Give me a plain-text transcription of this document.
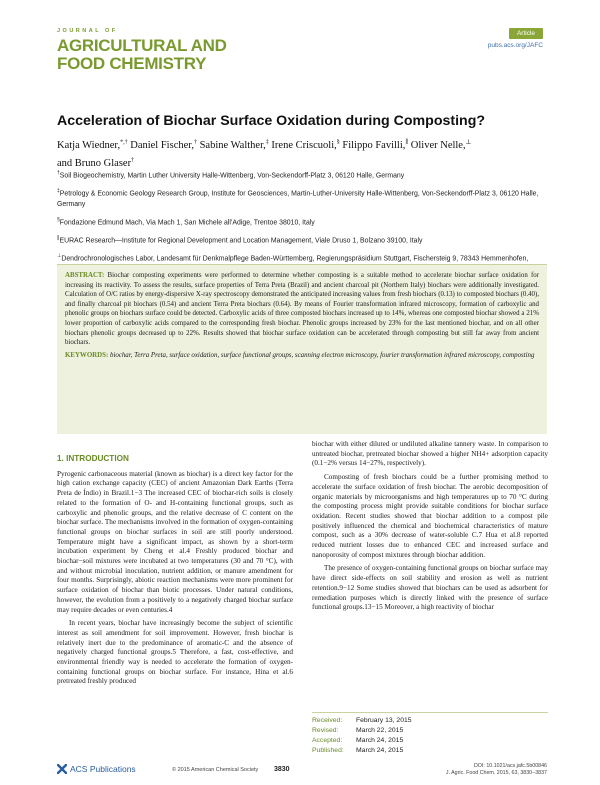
JOURNAL OF
AGRICULTURAL AND
FOOD CHEMISTRY
Article
pubs.acs.org/JAFC
Acceleration of Biochar Surface Oxidation during Composting?
Katja Wiedner,*,† Daniel Fischer,† Sabine Walther,‡ Irene Criscuoli,§ Filippo Favilli,∥ Oliver Nelle,⊥
and Bruno Glaser†
†Soil Biogeochemistry, Martin Luther University Halle-Wittenberg, Von-Seckendorff-Platz 3, 06120 Halle, Germany
‡Petrology & Economic Geology Research Group, Institute for Geosciences, Martin-Luther-University Halle-Wittenberg, Von-Seckendorff-Platz 3, 06120 Halle, Germany
§Fondazione Edmund Mach, Via Mach 1, San Michele all’Adige, Trentoe 38010, Italy
∥EURAC Research—Institute for Regional Development and Location Management, Viale Druso 1, Bolzano 39100, Italy
⊥Dendrochronologisches Labor, Landesamt für Denkmalpflege Baden-Württemberg, Regierungspräsidium Stuttgart, Fischersteig 9, 78343 Hemmenhofen,
ABSTRACT: Biochar composting experiments were performed to determine whether composting is a suitable method to accelerate biochar surface oxidation for increasing its reactivity. To assess the results, surface properties of Terra Preta (Brazil) and ancient charcoal pit (Northern Italy) biochars were additionally investigated. Calculation of O/C ratios by energy-dispersive X-ray spectroscopy demonstrated the anticipated increasing values from fresh biochars (0.13) to composted biochars (0.40), and finally charcoal pit biochars (0.54) and ancient Terra Preta biochars (0.64). By means of Fourier transformation infrared microscopy, formation of carboxylic and phenolic groups on biochars surface could be detected. Carboxylic acids of three composted biochars increased up to 14%, whereas one composted biochar showed a 21% lower proportion of carboxylic acids compared to the corresponding fresh biochar. Phenolic groups increased by 23% for the last mentioned biochar, and on all other biochars phenolic groups decreased up to 22%. Results showed that biochar surface oxidation can be accelerated through composting but still far away from ancient biochars.
KEYWORDS: biochar, Terra Preta, surface oxidation, surface functional groups, scanning electron microscopy, fourier transformation infrared microscopy, composting
1. INTRODUCTION

Pyrogenic carbonaceous material (known as biochar) is a direct key factor for the high cation exchange capacity (CEC) of ancient Amazonian Dark Earths (Terra Preta de Índio) in Brazil.1−3 The increased CEC of biochar-rich soils is closely related to the formation of O- and H-containing functional groups, such as carboxylic and phenolic groups, and the relative decrease of C content on the biochar surface. The mechanisms involved in the formation of oxygen-containing functional groups on biochar surfaces in soil are still poorly understood. Temperature might have a significant impact, as shown by a short-term incubation experiment by Cheng et al.4 Freshly produced biochar and biochar−soil mixtures were incubated at two temperatures (30 and 70 °C), with and without microbial inoculation, nutrient addition, or manure amendment for four months. Surprisingly, abiotic reaction mechanisms were more prominent for surface oxidation of biochar than biotic processes. Under natural conditions, however, the evolution from a positively to a negatively charged biochar surface may require decades or even centuries.4

In recent years, biochar have increasingly become the subject of scientific interest as soil amendment for soil improvement. However, fresh biochar is relatively inert due to the predominance of aromatic-C and the absence of negatively charged functional groups.5 Therefore, a fast, cost-effective, and environmental friendly way is needed to accelerate the formation of oxygen-containing functional groups on biochar surface. For instance, Hina et al.6 pretreated freshly produced

biochar with either diluted or undiluted alkaline tannery waste. In comparison to untreated biochar, pretreated biochar showed a higher NH4+ adsorption capacity (0.1−2% versus 14−27%, respectively).

Composting of fresh biochars could be a further promising method to accelerate the surface oxidation of fresh biochar. The aerobic decomposition of organic materials by microorganisms and high temperatures up to 70 °C during the composting process might provide suitable conditions for biochar surface oxidation. Recent studies showed that biochar addition to a compost pile positively influenced the chemical and biochemical characteristics of mature compost, such as a 30% decrease of water-soluble C.7 Hua et al.8 reported reduced nutrient losses due to enhanced CEC and increased surface and nanoporosity of compost mixtures through biochar addition.

The presence of oxygen-containing functional groups on biochar surface may have direct side-effects on soil stability and erosion as well as nutrient retention.9−12 Some studies showed that biochars can be used as adsorbent for remediation purposes which is directly linked with the presence of surface functional groups.13−15 Moreover, a high reactivity of biochar

Received:	February 13, 2015
Revised:	March 22, 2015
Accepted:	March 24, 2015
Published:	March 24, 2015
ACS Publications	© 2015 American Chemical Society 3830	DOI: 10.1021/acs.jafc.5b00846
J. Agric. Food Chem. 2015, 63, 3830−3837
